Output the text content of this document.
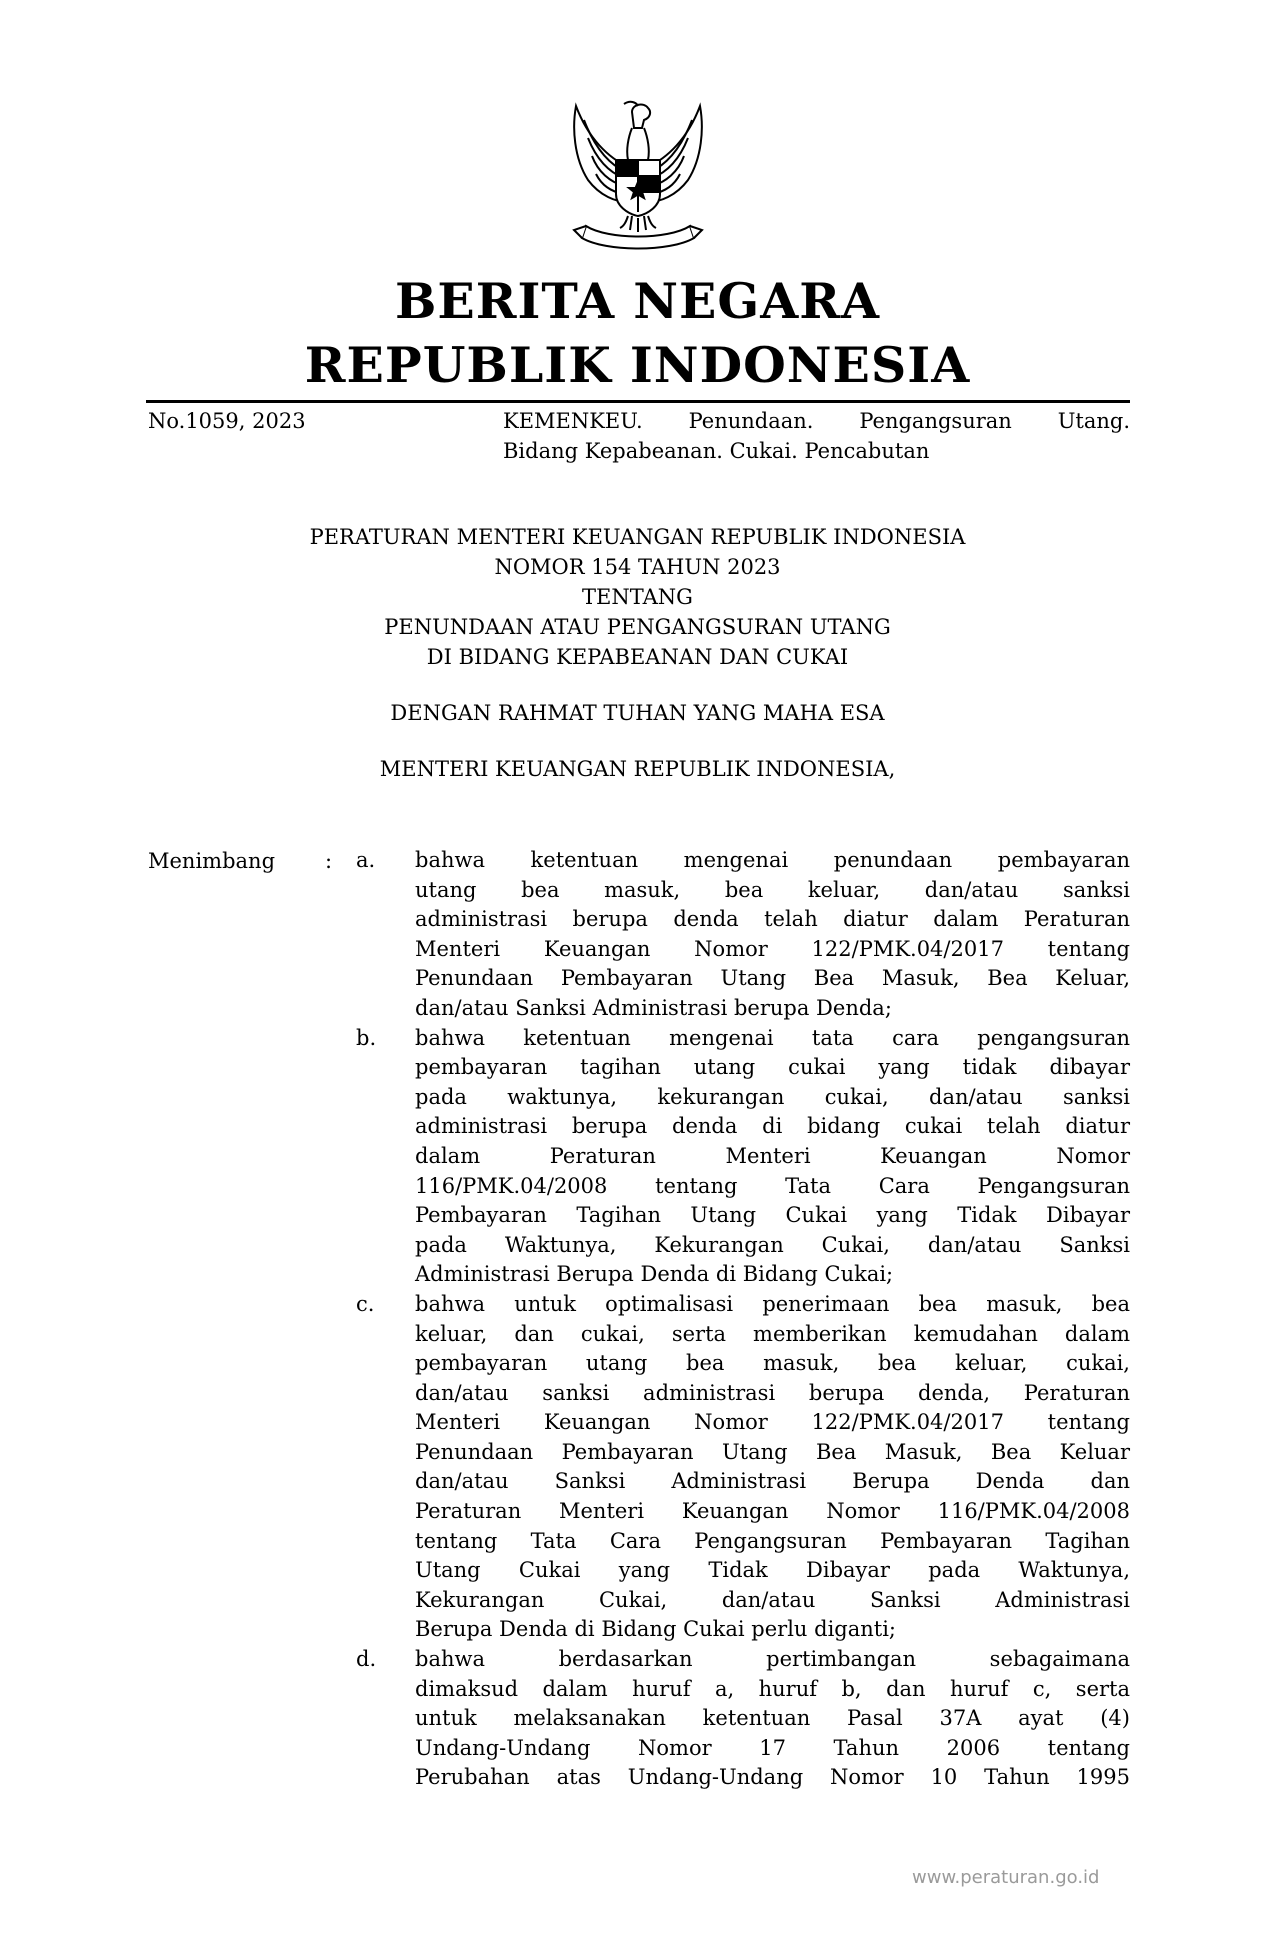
BERITA NEGARA
REPUBLIK INDONESIA
No.1059, 2023	KEMENKEU. Penundaan. Pengangsuran Utang.
Bidang Kepabeanan. Cukai. Pencabutan
PERATURAN MENTERI KEUANGAN REPUBLIK INDONESIA
NOMOR 154 TAHUN 2023
TENTANG
PENUNDAAN ATAU PENGANGSURAN UTANG
DI BIDANG KEPABEANAN DAN CUKAI
DENGAN RAHMAT TUHAN YANG MAHA ESA
MENTERI KEUANGAN REPUBLIK INDONESIA,
Menimbang : a. bahwa ketentuan mengenai penundaan pembayaran
utang bea masuk, bea keluar, dan/atau sanksi
administrasi berupa denda telah diatur dalam Peraturan
Menteri Keuangan Nomor 122/PMK.04/2017 tentang
Penundaan Pembayaran Utang Bea Masuk, Bea Keluar,
dan/atau Sanksi Administrasi berupa Denda;
b. bahwa ketentuan mengenai tata cara pengangsuran
pembayaran tagihan utang cukai yang tidak dibayar
pada waktunya, kekurangan cukai, dan/atau sanksi
administrasi berupa denda di bidang cukai telah diatur
dalam Peraturan Menteri Keuangan Nomor
116/PMK.04/2008 tentang Tata Cara Pengangsuran
Pembayaran Tagihan Utang Cukai yang Tidak Dibayar
pada Waktunya, Kekurangan Cukai, dan/atau Sanksi
Administrasi Berupa Denda di Bidang Cukai;
c. bahwa untuk optimalisasi penerimaan bea masuk, bea
keluar, dan cukai, serta memberikan kemudahan dalam
pembayaran utang bea masuk, bea keluar, cukai,
dan/atau sanksi administrasi berupa denda, Peraturan
Menteri Keuangan Nomor 122/PMK.04/2017 tentang
Penundaan Pembayaran Utang Bea Masuk, Bea Keluar
dan/atau Sanksi Administrasi Berupa Denda dan
Peraturan Menteri Keuangan Nomor 116/PMK.04/2008
tentang Tata Cara Pengangsuran Pembayaran Tagihan
Utang Cukai yang Tidak Dibayar pada Waktunya,
Kekurangan Cukai, dan/atau Sanksi Administrasi
Berupa Denda di Bidang Cukai perlu diganti;
d. bahwa berdasarkan pertimbangan sebagaimana
dimaksud dalam huruf a, huruf b, dan huruf c, serta
untuk melaksanakan ketentuan Pasal 37A ayat (4)
Undang-Undang Nomor 17 Tahun 2006 tentang
Perubahan atas Undang-Undang Nomor 10 Tahun 1995
www.peraturan.go.id
